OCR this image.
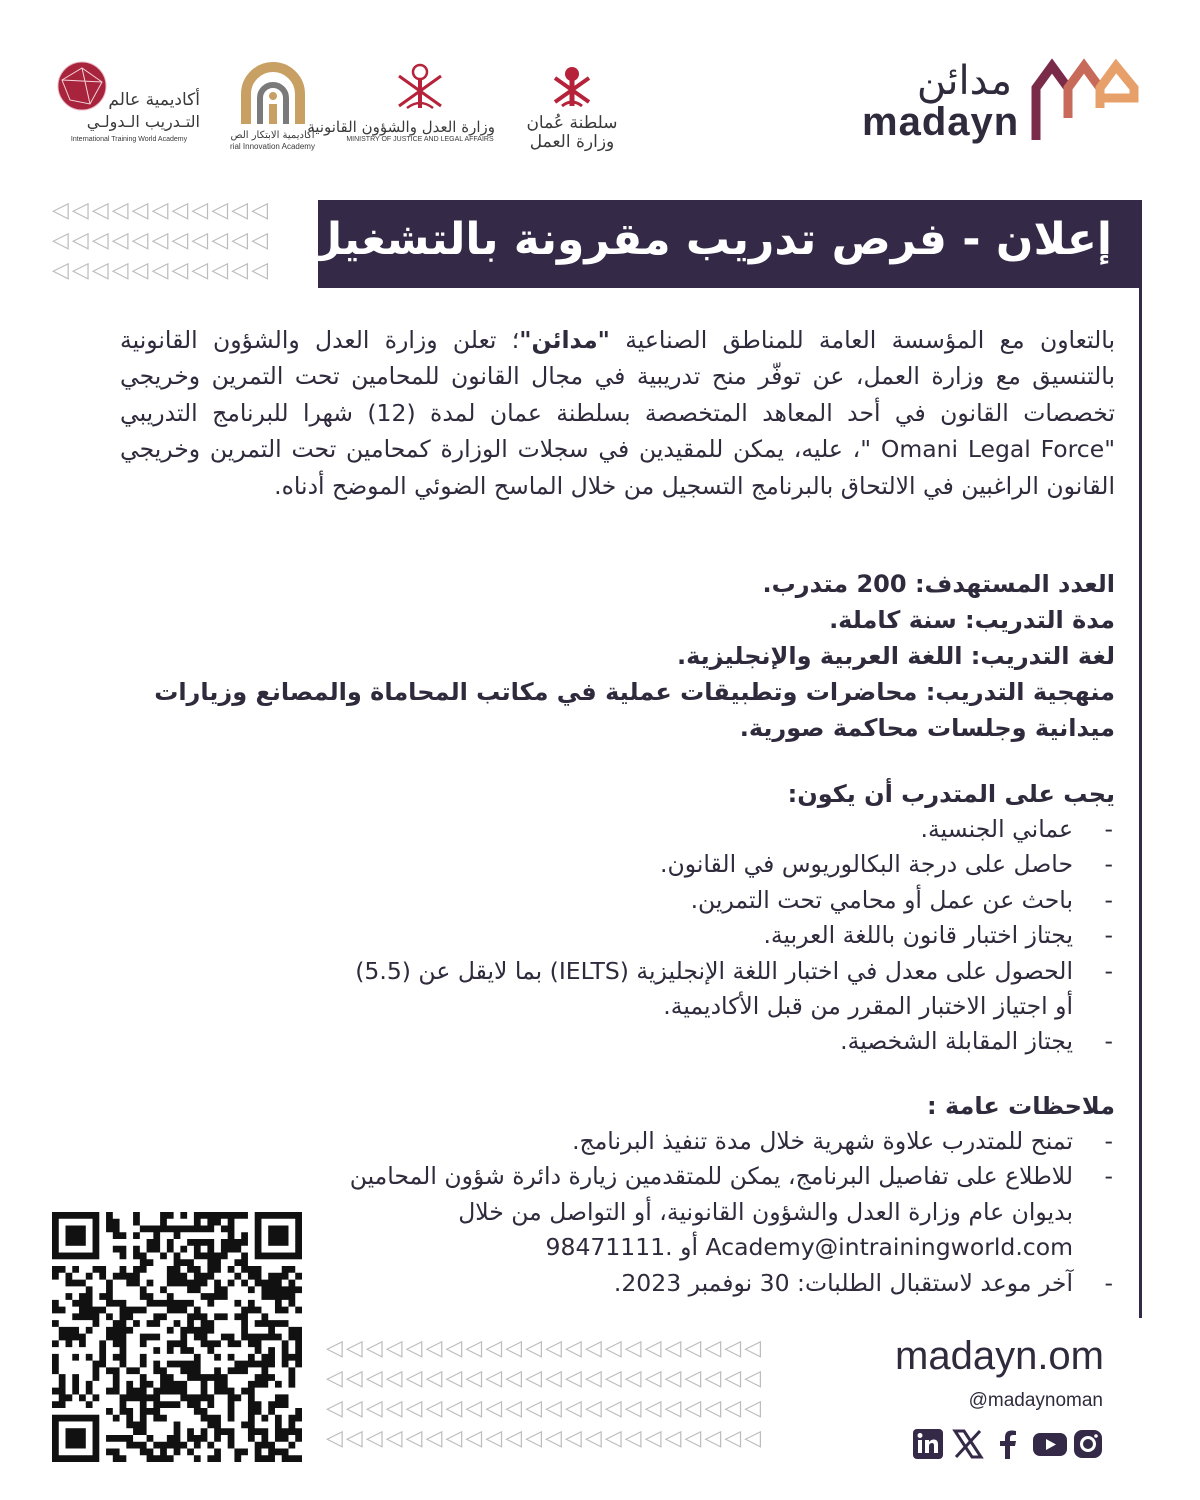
مدائن
madayn
سلطنة عُمان
وزارة العمل
وزارة العدل والشؤون القانونية
MINISTRY OF JUSTICE AND LEGAL AFFAIRS
أكاديمية الابتكار الص
rial Innovation Academy
أكاديمية عالم
التـدريب الـدولـي
International Training World Academy
◁◁◁◁◁◁◁◁◁◁◁
◁◁◁◁◁◁◁◁◁◁◁
◁◁◁◁◁◁◁◁◁◁◁
إعلان - فرص تدريب مقرونة بالتشغيل
بالتعاون مع المؤسسة العامة للمناطق الصناعية "مدائن"؛ تعلن وزارة العدل والشؤون القانونية بالتنسيق مع وزارة العمل، عن توفّر منح تدريبية في مجال القانون للمحامين تحت التمرين وخريجي تخصصات القانون في أحد المعاهد المتخصصة بسلطنة عمان لمدة (12) شهرا للبرنامج التدريبي "Omani Legal Force "، عليه، يمكن للمقيدين في سجلات الوزارة كمحامين تحت التمرين وخريجي القانون الراغبين في الالتحاق بالبرنامج التسجيل من خلال الماسح الضوئي الموضح أدناه.
العدد المستهدف: 200 متدرب.
مدة التدريب: سنة كاملة.
لغة التدريب: اللغة العربية والإنجليزية.
منهجية التدريب: محاضرات وتطبيقات عملية في مكاتب المحاماة والمصانع وزيارات ميدانية وجلسات محاكمة صورية.
يجب على المتدرب أن يكون:
-
عماني الجنسية.
-
حاصل على درجة البكالوريوس في القانون.
-
باحث عن عمل أو محامي تحت التمرين.
-
يجتاز اختبار قانون باللغة العربية.
-
الحصول على معدل في اختبار اللغة الإنجليزية (IELTS) بما لايقل عن (5.5) أو اجتياز الاختبار المقرر من قبل الأكاديمية.
-
يجتاز المقابلة الشخصية.
ملاحظات عامة :
-
تمنح للمتدرب علاوة شهرية خلال مدة تنفيذ البرنامج.
-
للاطلاع على تفاصيل البرنامج، يمكن للمتقدمين زيارة دائرة شؤون المحامين بديوان عام وزارة العدل والشؤون القانونية، أو التواصل من خلال
Academy@intrainingworld.com أو 98471111.
-
آخر موعد لاستقبال الطلبات: 30 نوفمبر 2023.
◁◁◁◁◁◁◁◁◁◁◁◁◁◁◁◁◁◁◁◁◁◁
◁◁◁◁◁◁◁◁◁◁◁◁◁◁◁◁◁◁◁◁◁◁
◁◁◁◁◁◁◁◁◁◁◁◁◁◁◁◁◁◁◁◁◁◁
◁◁◁◁◁◁◁◁◁◁◁◁◁◁◁◁◁◁◁◁◁◁
madayn.om
@madaynoman
